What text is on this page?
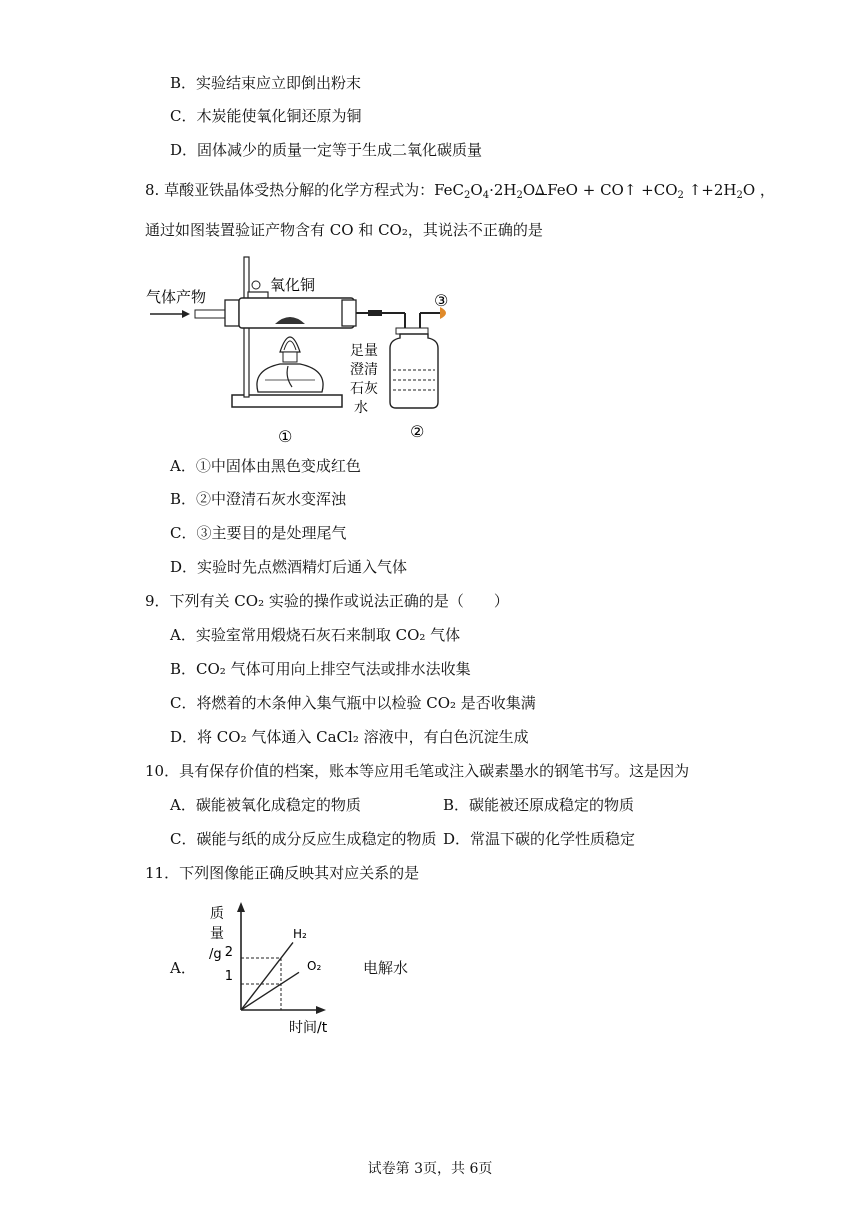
B．实验结束应立即倒出粉末
C．木炭能使氧化铜还原为铜
D．固体减少的质量一定等于生成二氧化碳质量
8. 草酸亚铁晶体受热分解的化学方程式为：$FeC_2O_4\cdot 2H_2O$ Δ FeO + CO↑ $+CO_2$ $↑+2H_2O$ ，
通过如图装置验证产物含有 CO 和 CO₂，其说法不正确的是
气体产物
氧化铜
足量
澄清
石灰
水
①	②
③
A．①中固体由黑色变成红色
B．②中澄清石灰水变浑浊
C．③主要目的是处理尾气
D．实验时先点燃酒精灯后通入气体
9．下列有关 CO₂ 实验的操作或说法正确的是（　　）
A．实验室常用煅烧石灰石来制取 CO₂ 气体
B．CO₂ 气体可用向上排空气法或排水法收集
C．将燃着的木条伸入集气瓶中以检验 CO₂ 是否收集满
D．将 CO₂ 气体通入 CaCl₂ 溶液中，有白色沉淀生成
10．具有保存价值的档案，账本等应用毛笔或注入碳素墨水的钢笔书写。这是因为
A．碳能被氧化成稳定的物质	B．碳能被还原成稳定的物质
C．碳能与纸的成分反应生成稳定的物质 D．常温下碳的化学性质稳定
11．下列图像能正确反映其对应关系的是
A．	电解水
质
量
/g 2
1
时间/t
H₂
O₂
试卷第 3页，共 6页
